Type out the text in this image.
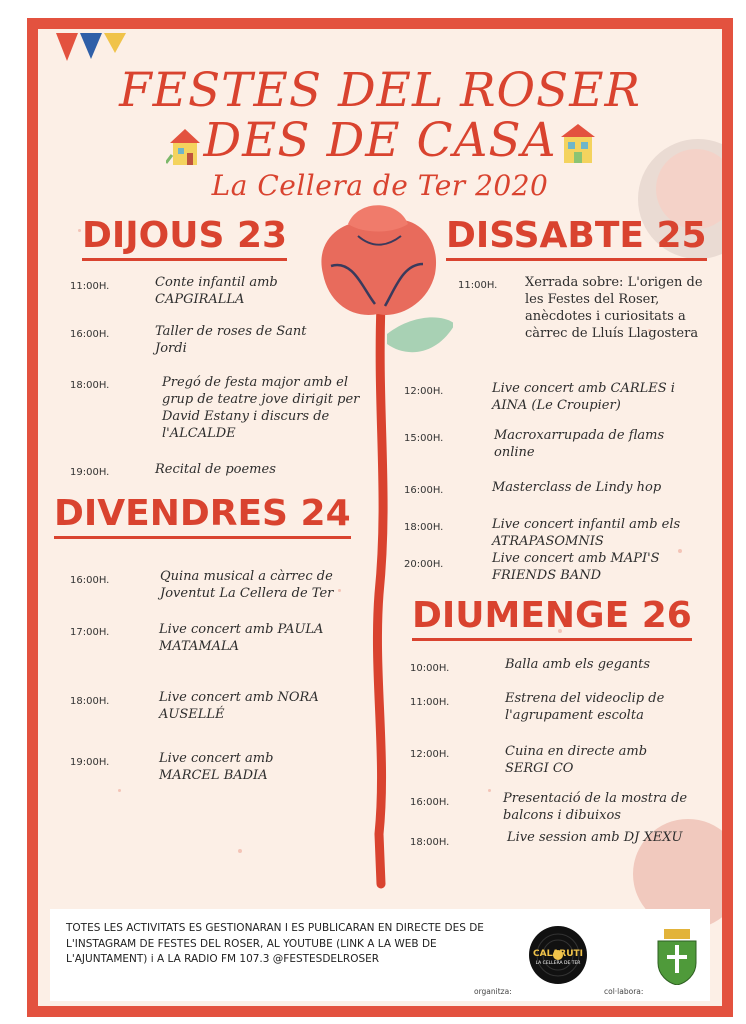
FESTES DEL ROSER
DES DE CASA
La Cellera de Ter 2020
DIJOUS 23
11:00H.	Conte infantil amb CAPGIRALLA
16:00H.	Taller de roses de Sant Jordi
18:00H.	Pregó de festa major amb el grup de teatre jove dirigit per David Estany i discurs de l'ALCALDE
19:00H.	Recital de poemes
DIVENDRES 24
16:00H.	Quina musical a càrrec de Joventut La Cellera de Ter
17:00H.	Live concert amb PAULA MATAMALA
18:00H.	Live concert amb NORA AUSELLÉ
19:00H.	Live concert amb MARCEL BADIA
DISSABTE 25
11:00H. Xerrada sobre: L'origen de les Festes del Roser, anècdotes i curiositats a càrrec de Lluís Llagostera
12:00H.	Live concert amb CARLES i AINA (Le Croupier)
15:00H.	Macroxarrupada de flams online
16:00H.	Masterclass de Lindy hop
18:00H.	Live concert infantil amb els ATRAPASOMNIS
20:00H.	Live concert amb MAPI'S FRIENDS BAND
DIUMENGE 26
10:00H.	Balla amb els gegants
11:00H.	Estrena del videoclip de l'agrupament escolta
12:00H.	Cuina en directe amb SERGI CO
16:00H.	Presentació de la mostra de balcons i dibuixos
18:00H.	Live session amb DJ XEXU
TOTES LES ACTIVITATS ES GESTIONARAN I ES PUBLICARAN EN DIRECTE DES DE L'INSTAGRAM DE FESTES DEL ROSER, AL YOUTUBE (LINK A LA WEB DE L'AJUNTAMENT) i A LA RADIO FM 107.3 @FESTESDELROSER
organitza:
CALARUTI
LA CELLERA DE TER
col·labora:
